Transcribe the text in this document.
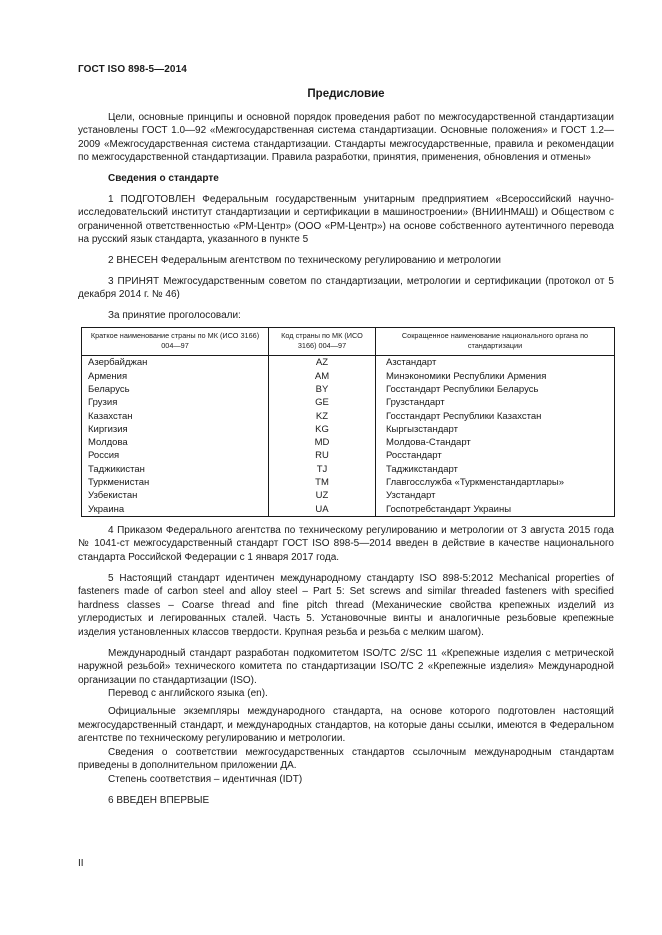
ГОСТ ISO 898-5—2014
Предисловие

Цели, основные принципы и основной порядок проведения работ по межгосударственной стандартизации установлены ГОСТ 1.0—92 «Межгосударственная система стандартизации. Основные положения» и ГОСТ 1.2—2009 «Межгосударственная система стандартизации. Стандарты межгосударственные, правила и рекомендации по межгосударственной стандартизации. Правила разработки, принятия, применения, обновления и отмены»

Сведения о стандарте

1 ПОДГОТОВЛЕН Федеральным государственным унитарным предприятием «Всероссийский научно-исследовательский институт стандартизации и сертификации в машиностроении» (ВНИИНМАШ) и Обществом с ограниченной ответственностью «РМ-Центр» (ООО «РМ-Центр») на основе собственного аутентичного перевода на русский язык стандарта, указанного в пункте 5

2 ВНЕСЕН Федеральным агентством по техническому регулированию и метрологии

3 ПРИНЯТ Межгосударственным советом по стандартизации, метрологии и сертификации (протокол от 5 декабря 2014 г. № 46)

За принятие проголосовали:

Краткое наименование страны по МК (ИСО 3166) 004—97	Код страны по МК (ИСО 3166) 004—97	Сокращенное наименование национального органа по стандартизации
Азербайджан	AZ	Азстандарт
Армения	AM	Минэкономики Республики Армения
Беларусь	BY	Госстандарт Республики Беларусь
Грузия	GE	Грузстандарт
Казахстан	KZ	Госстандарт Республики Казахстан
Киргизия	KG	Кыргызстандарт
Молдова	MD	Молдова-Стандарт
Россия	RU	Росстандарт
Таджикистан	TJ	Таджикстандарт
Туркменистан	TM	Главгосслужба «Туркменстандартлары»
Узбекистан	UZ	Узстандарт
Украина	UA	Госпотребстандарт Украины

4 Приказом Федерального агентства по техническому регулированию и метрологии от 3 августа 2015 года № 1041-ст межгосударственный стандарт ГОСТ ISO 898-5—2014 введен в действие в качестве национального стандарта Российской Федерации с 1 января 2017 года.

5 Настоящий стандарт идентичен международному стандарту ISO 898-5:2012 Mechanical properties of fasteners made of carbon steel and alloy steel – Part 5: Set screws and similar threaded fasteners with specified hardness classes – Coarse thread and fine pitch thread (Механические свойства крепежных изделий из углеродистых и легированных сталей. Часть 5. Установочные винты и аналогичные резьбовые крепежные изделия установленных классов твердости. Крупная резьба и резьба с мелким шагом).

Международный стандарт разработан подкомитетом ISO/TC 2/SC 11 «Крепежные изделия с метрической наружной резьбой» технического комитета по стандартизации ISO/TC 2 «Крепежные изделия» Международной организации по стандартизации (ISO).

Перевод с английского языка (en).

Официальные экземпляры международного стандарта, на основе которого подготовлен настоящий межгосударственный стандарт, и международных стандартов, на которые даны ссылки, имеются в Федеральном агентстве по техническому регулированию и метрологии.

Сведения о соответствии межгосударственных стандартов ссылочным международным стандартам приведены в дополнительном приложении ДА.

Степень соответствия – идентичная (IDT)

6 ВВЕДЕН ВПЕРВЫЕ

II
